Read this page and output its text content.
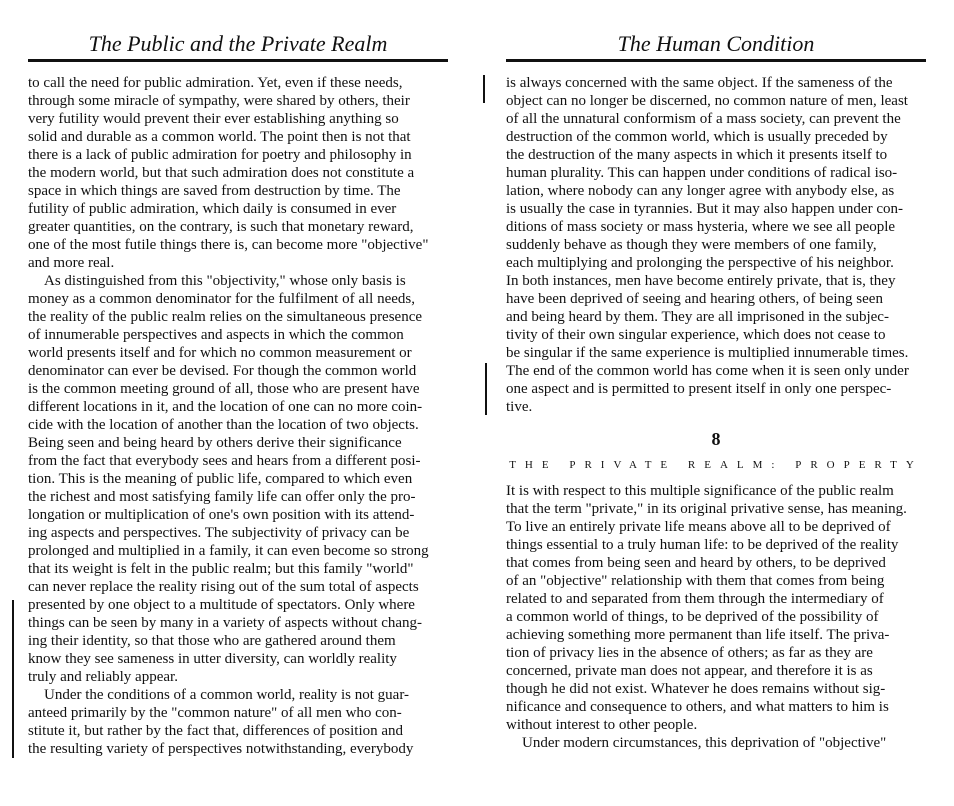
The Public and the Private Realm
to call the need for public admiration. Yet, even if these needs,
through some miracle of sympathy, were shared by others, their
very futility would prevent their ever establishing anything so
solid and durable as a common world. The point then is not that
there is a lack of public admiration for poetry and philosophy in
the modern world, but that such admiration does not constitute a
space in which things are saved from destruction by time. The
futility of public admiration, which daily is consumed in ever
greater quantities, on the contrary, is such that monetary reward,
one of the most futile things there is, can become more "objective"
and more real.
As distinguished from this "objectivity," whose only basis is
money as a common denominator for the fulfilment of all needs,
the reality of the public realm relies on the simultaneous presence
of innumerable perspectives and aspects in which the common
world presents itself and for which no common measurement or
denominator can ever be devised. For though the common world
is the common meeting ground of all, those who are present have
different locations in it, and the location of one can no more coin-
cide with the location of another than the location of two objects.
Being seen and being heard by others derive their significance
from the fact that everybody sees and hears from a different posi-
tion. This is the meaning of public life, compared to which even
the richest and most satisfying family life can offer only the pro-
longation or multiplication of one's own position with its attend-
ing aspects and perspectives. The subjectivity of privacy can be
prolonged and multiplied in a family, it can even become so strong
that its weight is felt in the public realm; but this family "world"
can never replace the reality rising out of the sum total of aspects
presented by one object to a multitude of spectators. Only where
things can be seen by many in a variety of aspects without chang-
ing their identity, so that those who are gathered around them
know they see sameness in utter diversity, can worldly reality
truly and reliably appear.
Under the conditions of a common world, reality is not guar-
anteed primarily by the "common nature" of all men who con-
stitute it, but rather by the fact that, differences of position and
the resulting variety of perspectives notwithstanding, everybody
The Human Condition
is always concerned with the same object. If the sameness of the
object can no longer be discerned, no common nature of men, least
of all the unnatural conformism of a mass society, can prevent the
destruction of the common world, which is usually preceded by
the destruction of the many aspects in which it presents itself to
human plurality. This can happen under conditions of radical iso-
lation, where nobody can any longer agree with anybody else, as
is usually the case in tyrannies. But it may also happen under con-
ditions of mass society or mass hysteria, where we see all people
suddenly behave as though they were members of one family,
each multiplying and prolonging the perspective of his neighbor.
In both instances, men have become entirely private, that is, they
have been deprived of seeing and hearing others, of being seen
and being heard by them. They are all imprisoned in the subjec-
tivity of their own singular experience, which does not cease to
be singular if the same experience is multiplied innumerable times.
The end of the common world has come when it is seen only under
one aspect and is permitted to present itself in only one perspec-
tive.
8
THE PRIVATE REALM: PROPERTY
It is with respect to this multiple significance of the public realm
that the term "private," in its original privative sense, has meaning.
To live an entirely private life means above all to be deprived of
things essential to a truly human life: to be deprived of the reality
that comes from being seen and heard by others, to be deprived
of an "objective" relationship with them that comes from being
related to and separated from them through the intermediary of
a common world of things, to be deprived of the possibility of
achieving something more permanent than life itself. The priva-
tion of privacy lies in the absence of others; as far as they are
concerned, private man does not appear, and therefore it is as
though he did not exist. Whatever he does remains without sig-
nificance and consequence to others, and what matters to him is
without interest to other people.
Under modern circumstances, this deprivation of "objective"
